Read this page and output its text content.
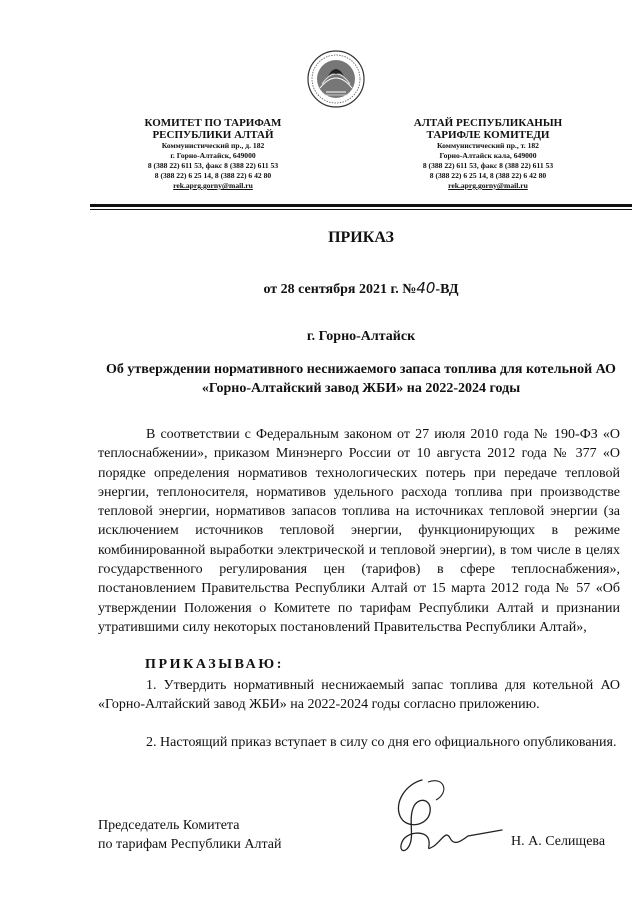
КОМИТЕТ ПО ТАРИФАМ
РЕСПУБЛИКИ АЛТАЙ
Коммунистический пр., д. 182
г. Горно-Алтайск, 649000
8 (388 22) 611 53, факс 8 (388 22) 611 53
8 (388 22) 6 25 14, 8 (388 22) 6 42 80
rek.aprg.gorny@mail.ru
АЛТАЙ РЕСПУБЛИКАНЫН
ТАРИФЛЕ КОМИТЕДИ
Коммунистический пр., т. 182
Горно-Алтайск кала, 649000
8 (388 22) 611 53, факс 8 (388 22) 611 53
8 (388 22) 6 25 14, 8 (388 22) 6 42 80
rek.aprg.gorny@mail.ru
ПРИКАЗ
от 28 сентября 2021 г. №40-ВД
г. Горно-Алтайск
Об утверждении нормативного неснижаемого запаса топлива для котельной АО «Горно-Алтайский завод ЖБИ» на 2022-2024 годы
В соответствии с Федеральным законом от 27 июля 2010 года № 190-ФЗ «О теплоснабжении», приказом Минэнерго России от 10 августа 2012 года № 377 «О порядке определения нормативов технологических потерь при передаче тепловой энергии, теплоносителя, нормативов удельного расхода топлива при производстве тепловой энергии, нормативов запасов топлива на источниках тепловой энергии (за исключением источников тепловой энергии, функционирующих в режиме комбинированной выработки электрической и тепловой энергии), в том числе в целях государственного регулирования цен (тарифов) в сфере теплоснабжения», постановлением Правительства Республики Алтай от 15 марта 2012 года № 57 «Об утверждении Положения о Комитете по тарифам Республики Алтай и признании утратившими силу некоторых постановлений Правительства Республики Алтай»,
ПРИКАЗЫВАЮ:
1. Утвердить нормативный неснижаемый запас топлива для котельной АО «Горно-Алтайский завод ЖБИ» на 2022-2024 годы согласно приложению.
2. Настоящий приказ вступает в силу со дня его официального опубликования.
Председатель Комитета
по тарифам Республики Алтай	Н. А. Селищева
